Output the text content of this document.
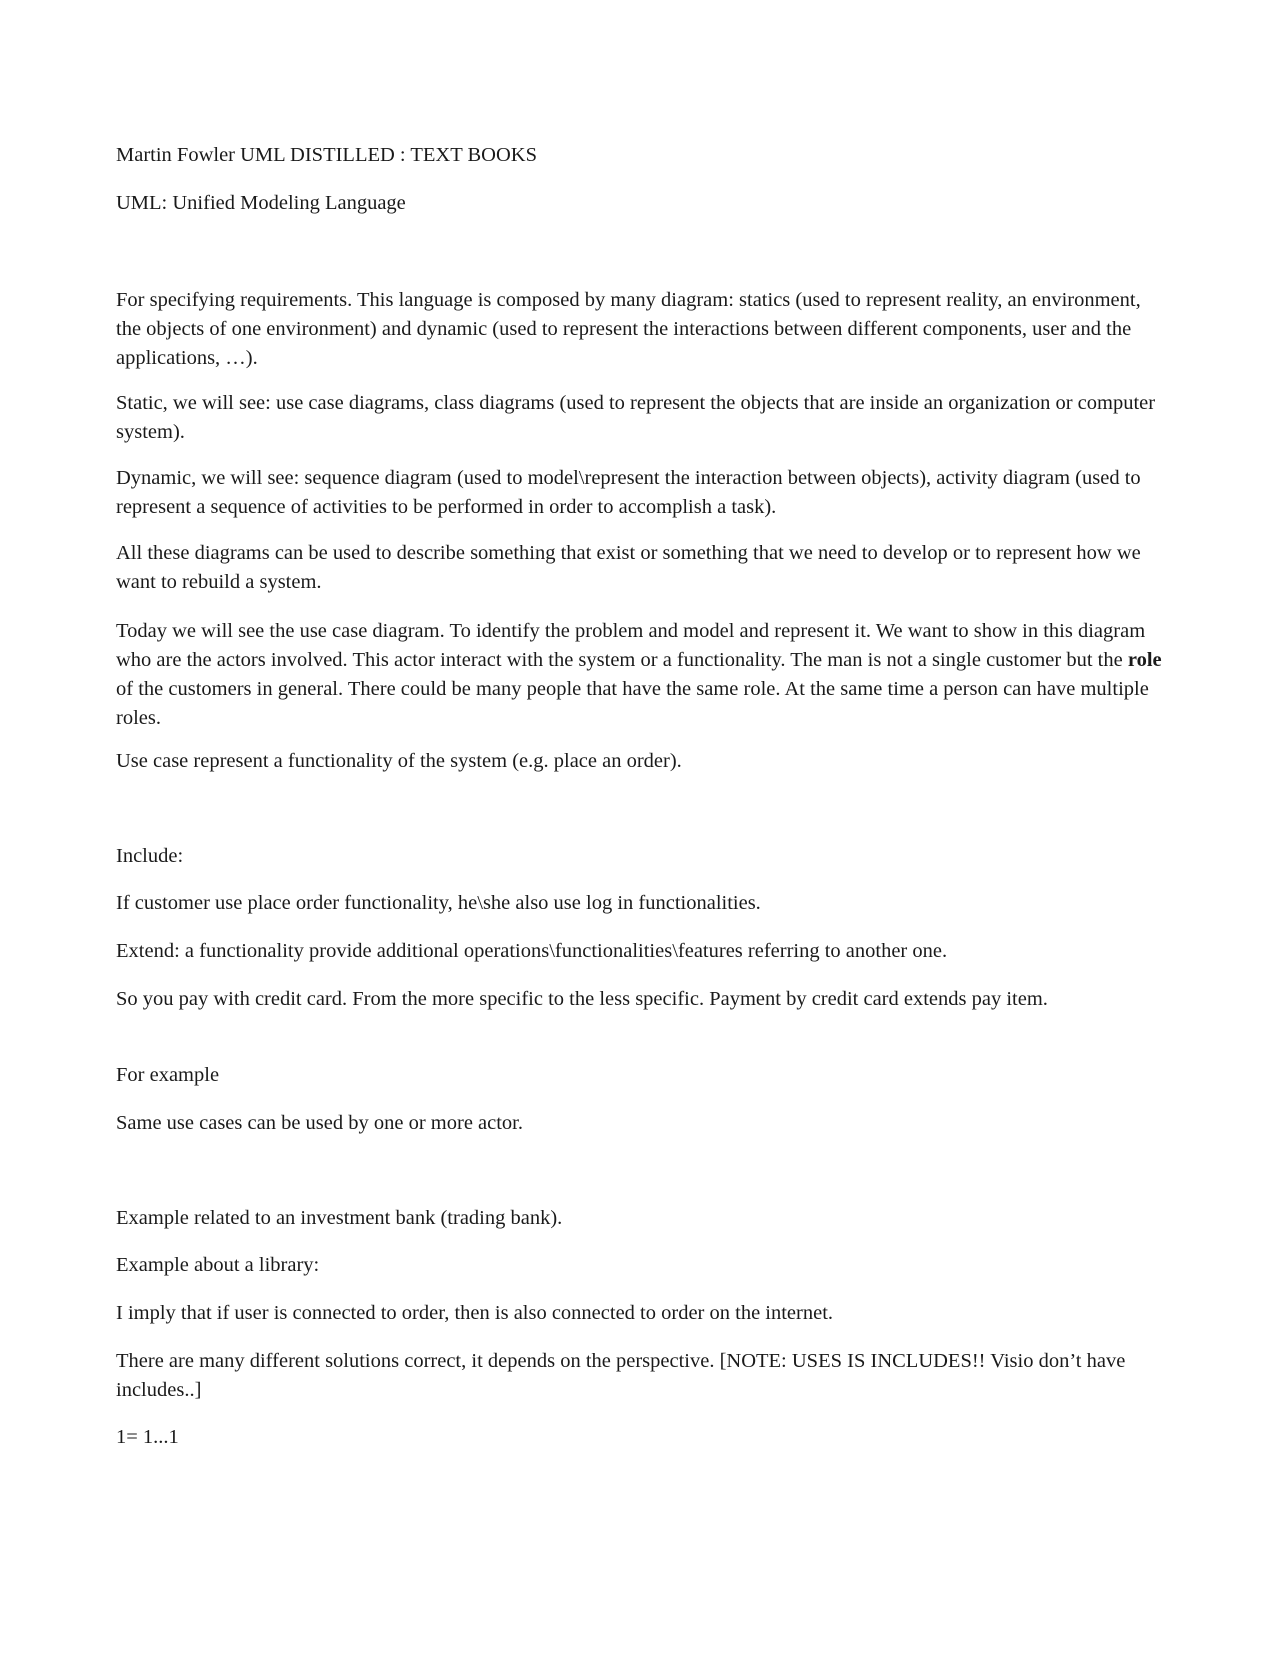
Martin Fowler UML DISTILLED : TEXT BOOKS
UML: Unified Modeling Language
For specifying requirements. This language is composed by many diagram: statics (used to represent reality, an environment, the objects of one environment) and dynamic (used to represent the interactions between different components, user and the applications, …).
Static, we will see: use case diagrams, class diagrams (used to represent the objects that are inside an organization or computer system).
Dynamic, we will see: sequence diagram (used to model\represent the interaction between objects), activity diagram (used to represent a sequence of activities to be performed in order to accomplish a task).
All these diagrams can be used to describe something that exist or something that we need to develop or to represent how we want to rebuild a system.
Today we will see the use case diagram. To identify the problem and model and represent it. We want to show in this diagram who are the actors involved. This actor interact with the system or a functionality. The man is not a single customer but the role of the customers in general. There could be many people that have the same role. At the same time a person can have multiple roles.
Use case represent a functionality of the system (e.g. place an order).
Include:
If customer use place order functionality, he\she also use log in functionalities.
Extend: a functionality provide additional operations\functionalities\features referring to another one.
So you pay with credit card. From the more specific to the less specific. Payment by credit card extends pay item.
For example
Same use cases can be used by one or more actor.
Example related to an investment bank (trading bank).
Example about a library:
I imply that if user is connected to order, then is also connected to order on the internet.
There are many different solutions correct, it depends on the perspective. [NOTE: USES IS INCLUDES!! Visio don’t have includes..]
1= 1...1
